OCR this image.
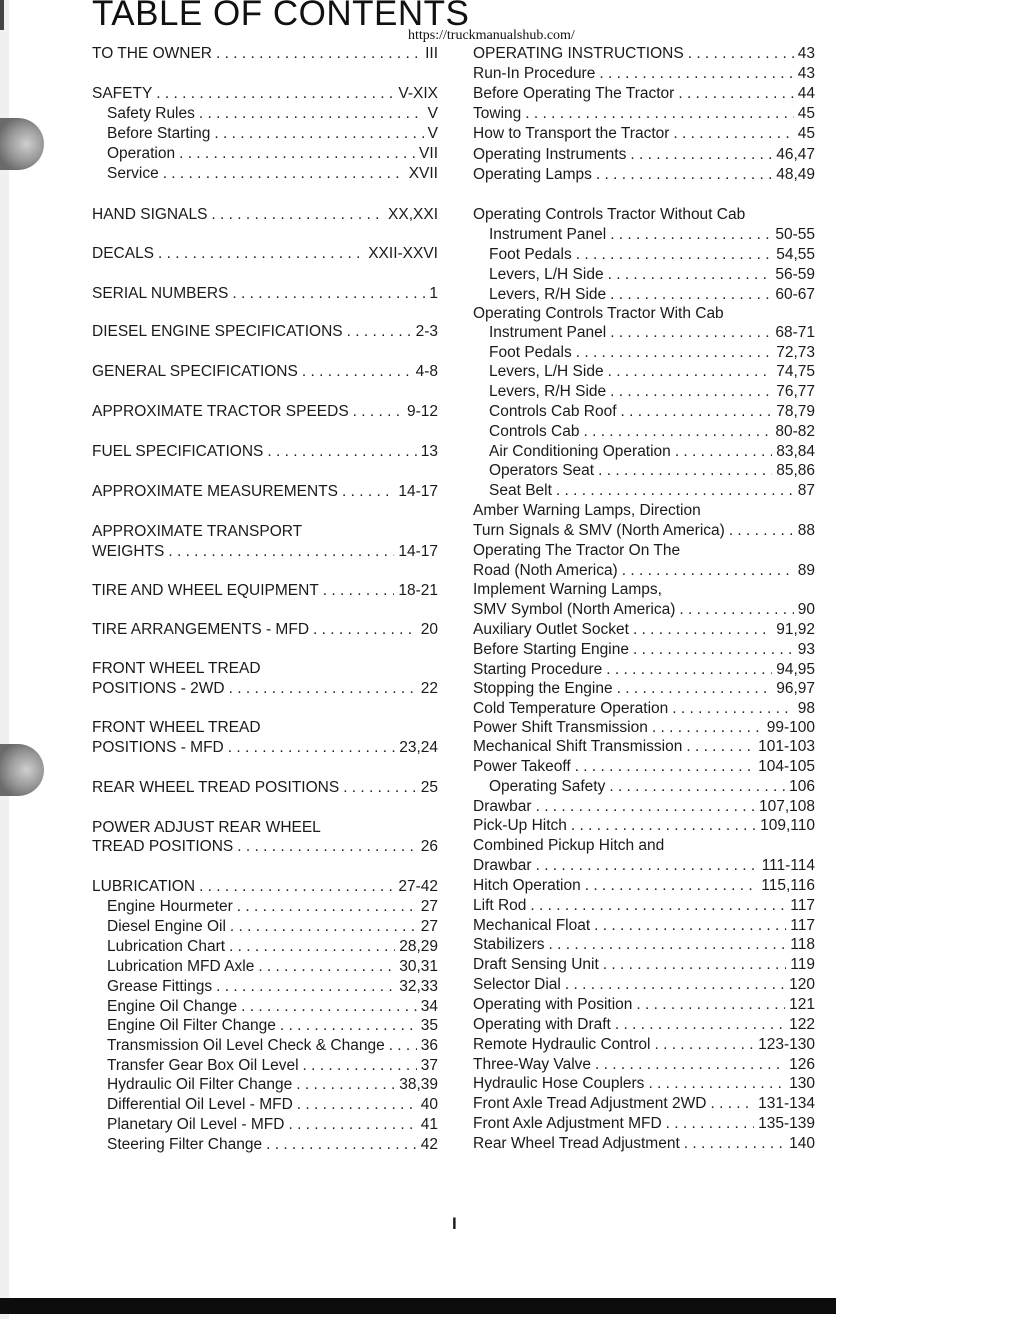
TABLE OF CONTENTS
https://truckmanualshub.com/
TO THE OWNER . . .	III
SAFETY . . .	V-XIX
Safety Rules . . .	V
Before Starting . . .	V
Operation . . .	VII
Service . . .	XVII
HAND SIGNALS . . .	XX,XXI
DECALS . . .	XXII-XXVI
SERIAL NUMBERS . . .	1
DIESEL ENGINE SPECIFICATIONS . . .	2-3
GENERAL SPECIFICATIONS . . .	4-8
APPROXIMATE TRACTOR SPEEDS . . .	9-12
FUEL SPECIFICATIONS . . .	13
APPROXIMATE MEASUREMENTS . . .	14-17
APPROXIMATE TRANSPORT
WEIGHTS . . .	14-17
TIRE AND WHEEL EQUIPMENT . . .	18-21
TIRE ARRANGEMENTS - MFD . . .	20
FRONT WHEEL TREAD
POSITIONS - 2WD . . .	22
FRONT WHEEL TREAD
POSITIONS - MFD . . .	23,24
REAR WHEEL TREAD POSITIONS . . .	25
POWER ADJUST REAR WHEEL
TREAD POSITIONS . . .	26
LUBRICATION . . .	27-42
Engine Hourmeter . . .	27
Diesel Engine Oil . . .	27
Lubrication Chart . . .	28,29
Lubrication MFD Axle . . .	30,31
Grease Fittings . . .	32,33
Engine Oil Change . . .	34
Engine Oil Filter Change . . .	35
Transmission Oil Level Check & Change . . . 36
Transfer Gear Box Oil Level . . .	37
Hydraulic Oil Filter Change . . .	38,39
Differential Oil Level - MFD . . .	40
Planetary Oil Level - MFD . . .	41
Steering Filter Change . . .	42
OPERATING INSTRUCTIONS . . .	43
Run-In Procedure . . .	43
Before Operating The Tractor . . .	44
Towing . . .	45
How to Transport the Tractor . . .	45
Operating Instruments . . .	46,47
Operating Lamps . . .	48,49
Operating Controls Tractor Without Cab
Instrument Panel . . .	50-55
Foot Pedals . . .	54,55
Levers, L/H Side . . .	56-59
Levers, R/H Side . . .	60-67
Operating Controls Tractor With Cab
Instrument Panel . . .	68-71
Foot Pedals . . .	72,73
Levers, L/H Side . . .	74,75
Levers, R/H Side . . .	76,77
Controls Cab Roof . . .	78,79
Controls Cab . . .	80-82
Air Conditioning Operation . . .	83,84
Operators Seat . . .	85,86
Seat Belt . . .	87
Amber Warning Lamps, Direction
Turn Signals & SMV (North America) . . .	88
Operating The Tractor On The
Road (Noth America) . . .	89
Implement Warning Lamps,
SMV Symbol (North America) . . .	90
Auxiliary Outlet Socket . . .	91,92
Before Starting Engine . . .	93
Starting Procedure . . .	94,95
Stopping the Engine . . .	96,97
Cold Temperature Operation . . .	98
Power Shift Transmission . . .	99-100
Mechanical Shift Transmission . . .	101-103
Power Takeoff . . .	104-105
Operating Safety . . .	106
Drawbar . . .	107,108
Pick-Up Hitch . . .	109,110
Combined Pickup Hitch and
Drawbar . . .	111-114
Hitch Operation . . .	115,116
Lift Rod . . .	117
Mechanical Float . . .	117
Stabilizers . . .	118
Draft Sensing Unit . . .	119
Selector Dial . . .	120
Operating with Position . . .	121
Operating with Draft . . .	122
Remote Hydraulic Control . . .	123-130
Three-Way Valve . . .	126
Hydraulic Hose Couplers . . .	130
Front Axle Tread Adjustment 2WD . . .	131-134
Front Axle Adjustment MFD . . .	135-139
Rear Wheel Tread Adjustment . . .	140
I
